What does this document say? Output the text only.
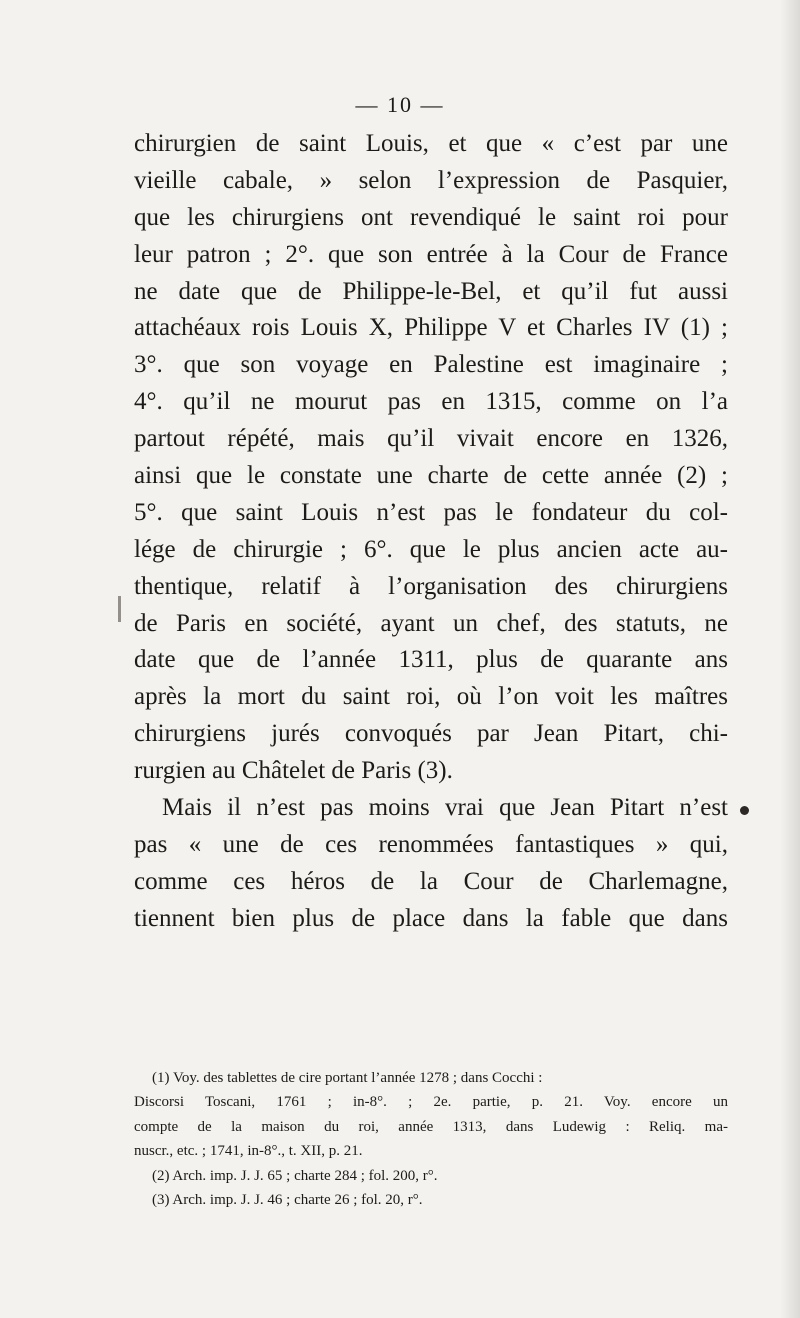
— 10 —
chirurgien de saint Louis, et que « c’est par une
vieille cabale, » selon l’expression de Pasquier,
que les chirurgiens ont revendiqué le saint roi pour
leur patron ; 2°. que son entrée à la Cour de France
ne date que de Philippe-le-Bel, et qu’il fut aussi
attachéaux rois Louis X, Philippe V et Charles IV (1) ;
3°. que son voyage en Palestine est imaginaire ;
4°. qu’il ne mourut pas en 1315, comme on l’a
partout répété, mais qu’il vivait encore en 1326,
ainsi que le constate une charte de cette année (2) ;
5°. que saint Louis n’est pas le fondateur du col-
lége de chirurgie ; 6°. que le plus ancien acte au-
thentique, relatif à l’organisation des chirurgiens
de Paris en société, ayant un chef, des statuts, ne
date que de l’année 1311, plus de quarante ans
après la mort du saint roi, où l’on voit les maîtres
chirurgiens jurés convoqués par Jean Pitart, chi-
rurgien au Châtelet de Paris (3).
Mais il n’est pas moins vrai que Jean Pitart n’est
pas « une de ces renommées fantastiques » qui,
comme ces héros de la Cour de Charlemagne,
tiennent bien plus de place dans la fable que dans
(1) Voy. des tablettes de cire portant l’année 1278 ; dans Cocchi :
Discorsi Toscani, 1761 ; in-8°. ; 2e. partie, p. 21. Voy. encore un
compte de la maison du roi, année 1313, dans Ludewig : Reliq. ma-
nuscr., etc. ; 1741, in-8°., t. XII, p. 21.
(2) Arch. imp. J. J. 65 ; charte 284 ; fol. 200, r°.
(3) Arch. imp. J. J. 46 ; charte 26 ; fol. 20, r°.
